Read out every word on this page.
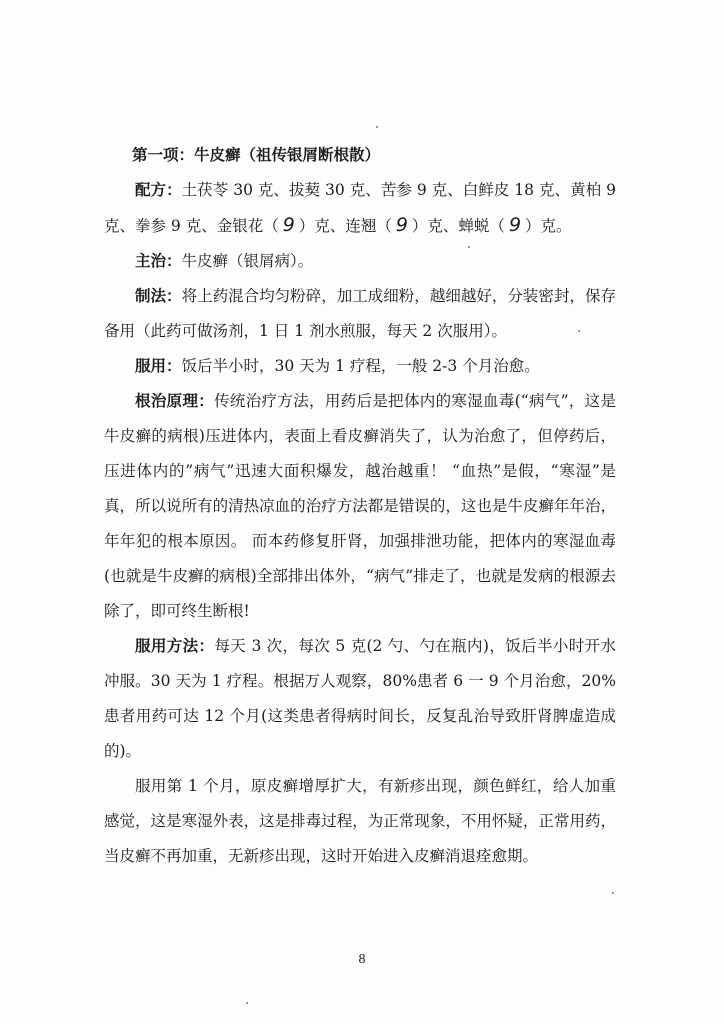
第一项：牛皮癣（祖传银屑断根散）

配方：土茯苓 30 克、拔葜 30 克、苦参 9 克、白鲜皮 18 克、黄柏 9 克、拳参 9 克、金银花（ 9 ）克、连翘（ 9 ）克、蝉蜕（ 9 ）克。

主治：牛皮癣（银屑病）。

制法：将上药混合均匀粉碎，加工成细粉，越细越好，分装密封，保存备用（此药可做汤剂，1 日 1 剂水煎服，每天 2 次服用）。

服用：饭后半小时，30 天为 1 疗程，一般 2-3 个月治愈。

根治原理：传统治疗方法，用药后是把体内的寒湿血毒(“病气”，这是牛皮癣的病根)压进体内，表面上看皮癣消失了，认为治愈了，但停药后，压进体内的”病气”迅速大面积爆发，越治越重！ “血热”是假，“寒湿”是真，所以说所有的清热凉血的治疗方法都是错误的，这也是牛皮癣年年治，年年犯的根本原因。 而本药修复肝肾，加强排泄功能，把体内的寒湿血毒(也就是牛皮癣的病根)全部排出体外，“病气”排走了，也就是发病的根源去除了，即可终生断根!

服用方法：每天 3 次，每次 5 克(2 勺、勺在瓶内)，饭后半小时开水冲服。30 天为 1 疗程。根据万人观察，80%患者 6 一 9 个月治愈，20%患者用药可达 12 个月(这类患者得病时间长，反复乱治导致肝肾脾虚造成的)。

服用第 1 个月，原皮癣增厚扩大，有新疹出现，颜色鲜红，给人加重感觉，这是寒湿外表，这是排毒过程，为正常现象，不用怀疑，正常用药，当皮癣不再加重，无新疹出现，这时开始进入皮癣消退痊愈期。

8
